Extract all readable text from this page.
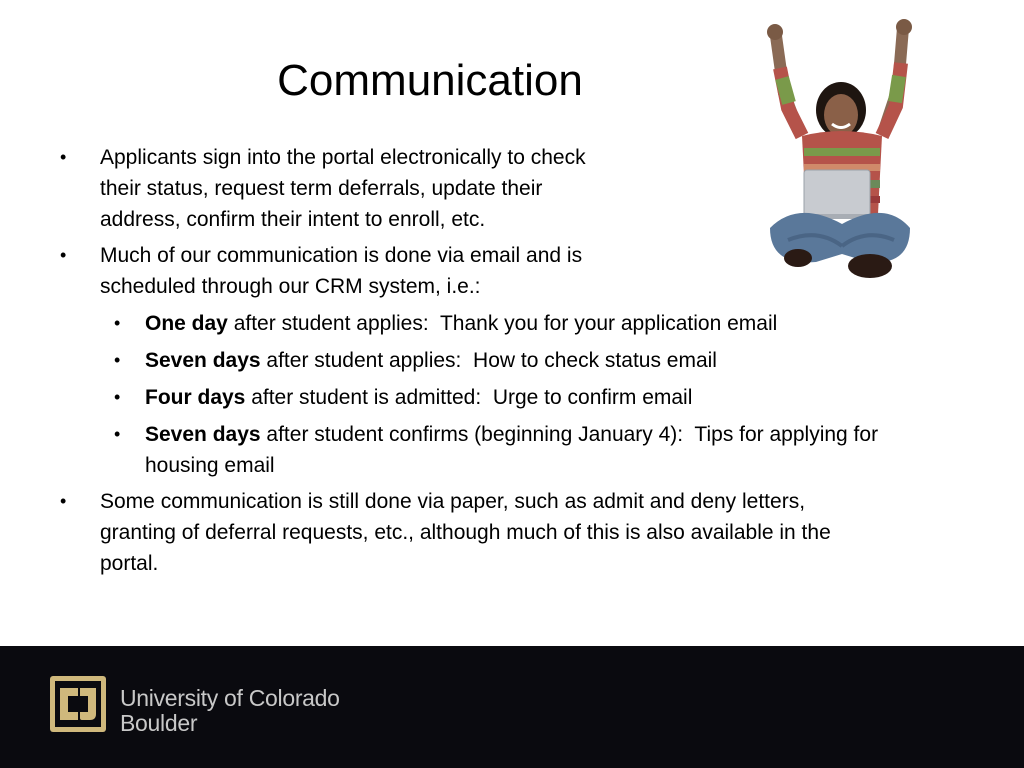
Communication
• Applicants sign into the portal electronically to check
their status, request term deferrals, update their
address, confirm their intent to enroll, etc.
• Much of our communication is done via email and is
scheduled through our CRM system, i.e.:
• One day after student applies:  Thank you for your application email
• Seven days after student applies:  How to check status email
• Four days after student is admitted:  Urge to confirm email
• Seven days after student confirms (beginning January 4):  Tips for applying for
housing email
• Some communication is still done via paper, such as admit and deny letters,
granting of deferral requests, etc., although much of this is also available in the
portal.
University of Colorado
Boulder
